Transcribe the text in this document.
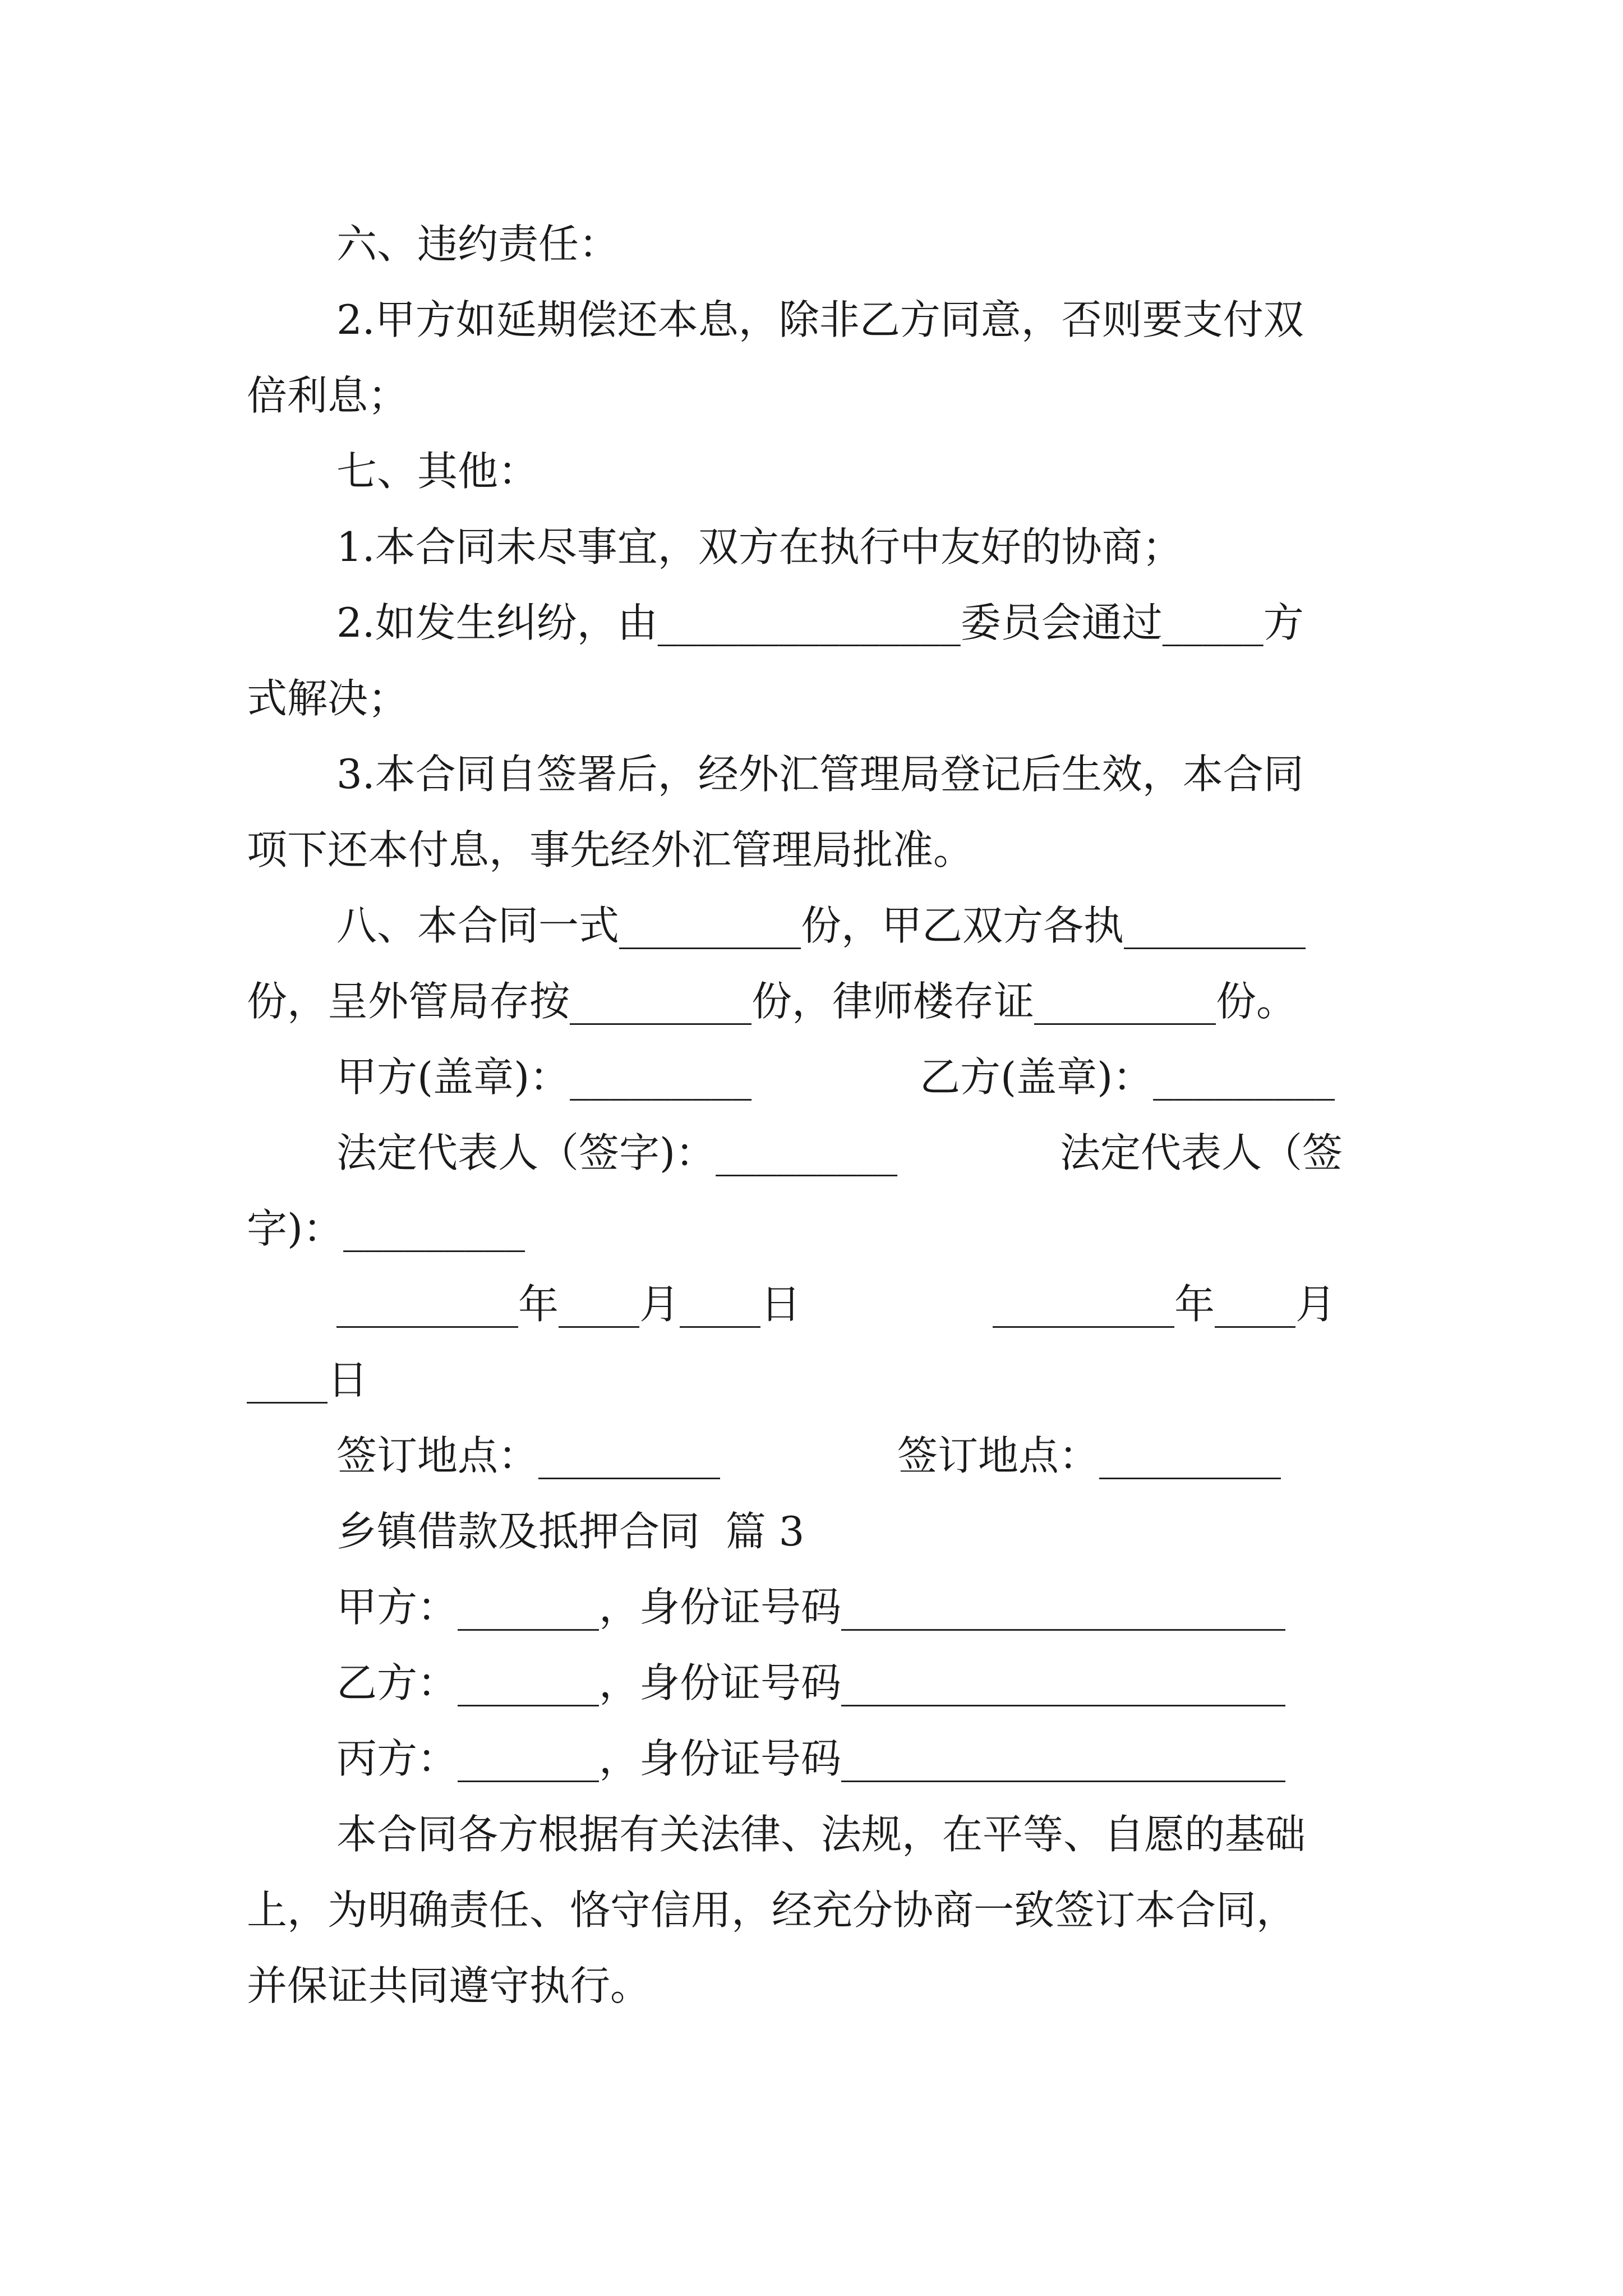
六、违约责任：

2.甲方如延期偿还本息，除非乙方同意，否则要支付双

倍利息；

七、其他：

1.本合同未尽事宜，双方在执行中友好的协商；

2.如发生纠纷，由_______________委员会通过_____方

式解决；

3.本合同自签署后，经外汇管理局登记后生效，本合同

项下还本付息，事先经外汇管理局批准。

八、本合同一式_________份，甲乙双方各执_________

份，呈外管局存按_________份，律师楼存证_________份。

甲方(盖章)：_________

	乙方(盖章)：_________

法定代表人（签字)：_________

	法定代表人（签

字)：_________

_________年____月____日

	_________年____月

____日

签订地点：_________

	签订地点：_________

乡镇借款及抵押合同  篇 3

甲方：_______，身份证号码______________________

乙方：_______，身份证号码______________________

丙方：_______，身份证号码______________________

本合同各方根据有关法律、法规，在平等、自愿的基础

上，为明确责任、恪守信用，经充分协商一致签订本合同，

并保证共同遵守执行。
